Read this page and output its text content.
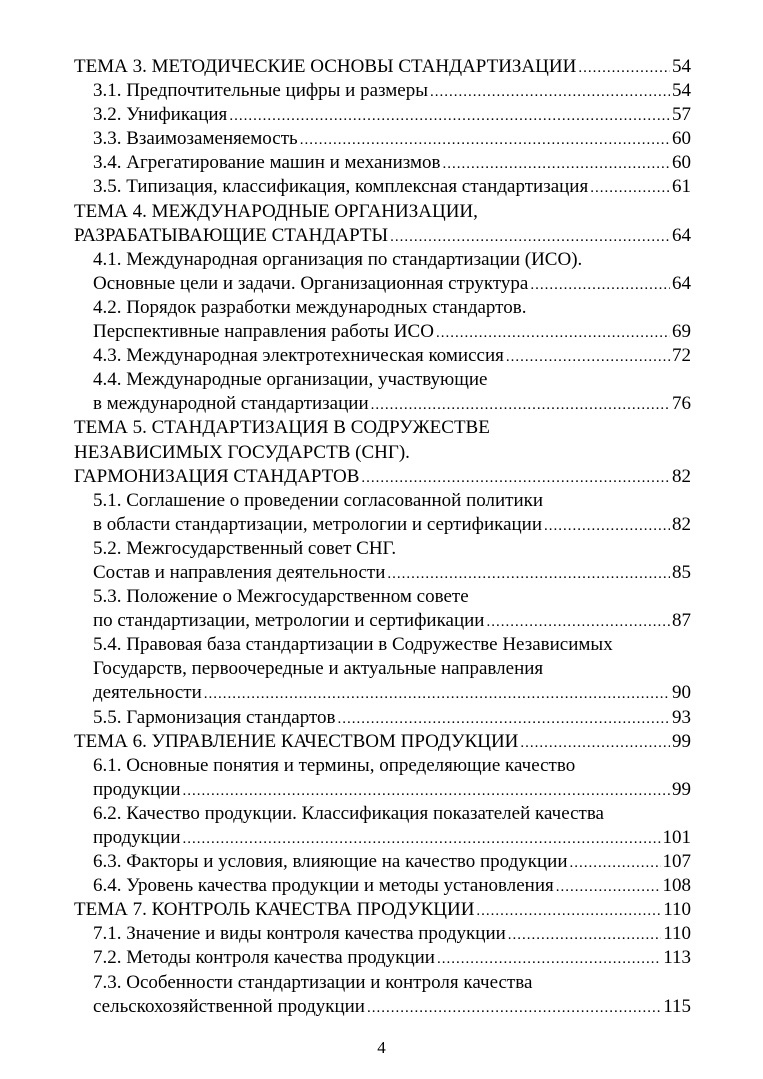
ТЕМА 3. МЕТОДИЧЕСКИЕ ОСНОВЫ СТАНДАРТИЗАЦИИ .....	54
3.1. Предпочтительные цифры и размеры .....	54
3.2. Унификация .....	57
3.3. Взаимозаменяемость .....	60
3.4. Агрегатирование машин и механизмов .....	60
3.5. Типизация, классификация, комплексная стандартизация .....	61
ТЕМА 4. МЕЖДУНАРОДНЫЕ ОРГАНИЗАЦИИ,
РАЗРАБАТЫВАЮЩИЕ СТАНДАРТЫ .....	64
4.1. Международная организация по стандартизации (ИСО).
Основные цели и задачи. Организационная структура .....	64
4.2. Порядок разработки международных стандартов.
Перспективные направления работы ИСО .....	69
4.3. Международная электротехническая комиссия .....	72
4.4. Международные организации, участвующие
в международной стандартизации .....	76
ТЕМА 5. СТАНДАРТИЗАЦИЯ В СОДРУЖЕСТВЕ
НЕЗАВИСИМЫХ ГОСУДАРСТВ (СНГ).
ГАРМОНИЗАЦИЯ СТАНДАРТОВ .....	82
5.1. Соглашение о проведении согласованной политики
в области стандартизации, метрологии и сертификации .....	82
5.2. Межгосударственный совет СНГ.
Состав и направления деятельности .....	85
5.3. Положение о Межгосударственном совете
по стандартизации, метрологии и сертификации .....	87
5.4. Правовая база стандартизации в Содружестве Независимых
Государств, первоочередные и актуальные направления
деятельности .....	90
5.5. Гармонизация стандартов .....	93
ТЕМА 6. УПРАВЛЕНИЕ КАЧЕСТВОМ ПРОДУКЦИИ .....	99
6.1. Основные понятия и термины, определяющие качество
продукции .....	99
6.2. Качество продукции. Классификация показателей качества
продукции .....	101
6.3. Факторы и условия, влияющие на качество продукции .....	107
6.4. Уровень качества продукции и методы установления .....	108
ТЕМА 7. КОНТРОЛЬ КАЧЕСТВА ПРОДУКЦИИ .....	110
7.1. Значение и виды контроля качества продукции .....	110
7.2. Методы контроля качества продукции .....	113
7.3. Особенности стандартизации и контроля качества
сельскохозяйственной продукции .....	115
4
